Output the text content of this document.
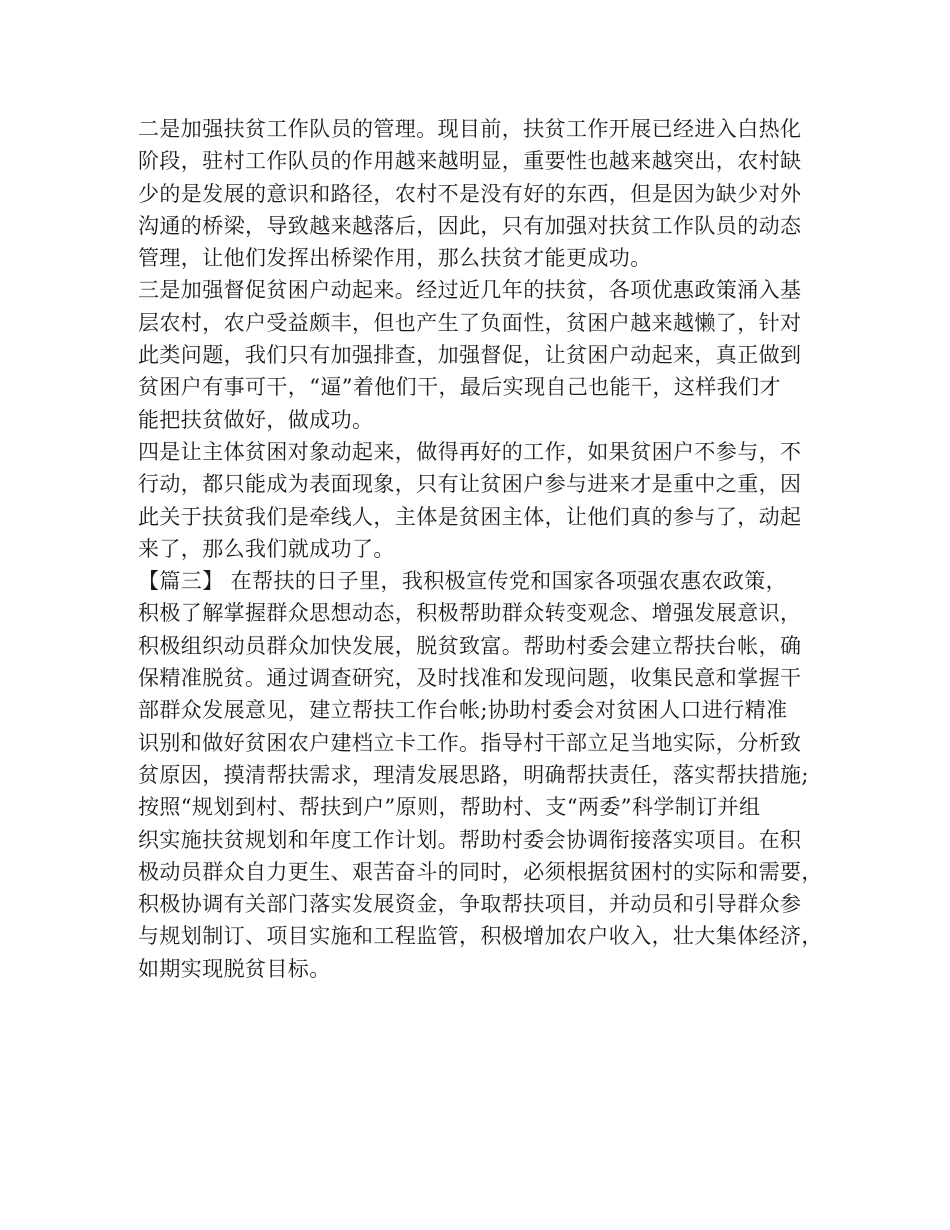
二是加强扶贫工作队员的管理。现目前，扶贫工作开展已经进入白热化
阶段，驻村工作队员的作用越来越明显，重要性也越来越突出，农村缺
少的是发展的意识和路径，农村不是没有好的东西，但是因为缺少对外
沟通的桥梁，导致越来越落后，因此，只有加强对扶贫工作队员的动态
管理，让他们发挥出桥梁作用，那么扶贫才能更成功。
三是加强督促贫困户动起来。经过近几年的扶贫，各项优惠政策涌入基
层农村，农户受益颇丰，但也产生了负面性，贫困户越来越懒了，针对
此类问题，我们只有加强排查，加强督促，让贫困户动起来，真正做到
贫困户有事可干，“逼”着他们干，最后实现自己也能干，这样我们才
能把扶贫做好，做成功。
四是让主体贫困对象动起来，做得再好的工作，如果贫困户不参与，不
行动，都只能成为表面现象，只有让贫困户参与进来才是重中之重，因
此关于扶贫我们是牵线人，主体是贫困主体，让他们真的参与了，动起
来了，那么我们就成功了。
【篇三】 在帮扶的日子里，我积极宣传党和国家各项强农惠农政策，
积极了解掌握群众思想动态，积极帮助群众转变观念、增强发展意识，
积极组织动员群众加快发展，脱贫致富。帮助村委会建立帮扶台帐，确
保精准脱贫。通过调查研究，及时找准和发现问题，收集民意和掌握干
部群众发展意见，建立帮扶工作台帐;协助村委会对贫困人口进行精准
识别和做好贫困农户建档立卡工作。指导村干部立足当地实际，分析致
贫原因，摸清帮扶需求，理清发展思路，明确帮扶责任，落实帮扶措施;
按照“规划到村、帮扶到户”原则，帮助村、支“两委”科学制订并组
织实施扶贫规划和年度工作计划。帮助村委会协调衔接落实项目。在积
极动员群众自力更生、艰苦奋斗的同时，必须根据贫困村的实际和需要，
积极协调有关部门落实发展资金，争取帮扶项目，并动员和引导群众参
与规划制订、项目实施和工程监管，积极增加农户收入，壮大集体经济，
如期实现脱贫目标。
